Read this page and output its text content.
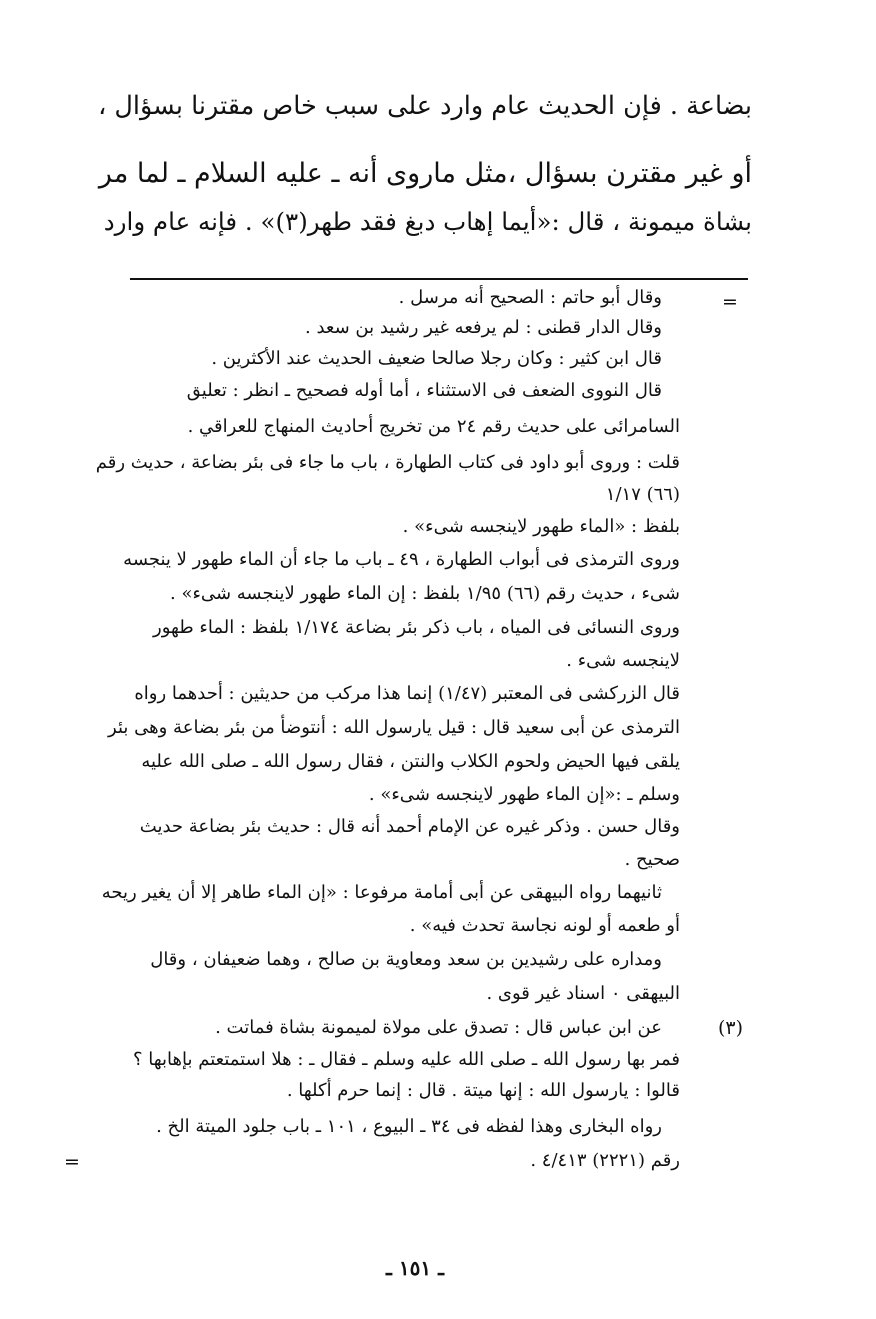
بضاعة . فإن الحديث عام وارد على سبب خاص مقترنا بسؤال ،
أو غير مقترن بسؤال ،مثل ماروى أنه ـ عليه السلام ـ لما مر
بشاة ميمونة ، قال :«أيما إهاب دبغ فقد طهر(٣)» . فإنه عام وارد
=
(٣)
=
وقال أبو حاتم : الصحيح أنه مرسل .
وقال الدار قطنى : لم يرفعه غير رشيد بن سعد .
قال ابن كثير : وكان رجلا صالحا ضعيف الحديث عند الأكثرين .
قال النووى الضعف فى الاستثناء ، أما أوله فصحيح ـ انظر : تعليق
السامرائى على حديث رقم ٢٤ من تخريج أحاديث المنهاج للعراقي .
قلت : وروى أبو داود فى كتاب الطهارة ، باب ما جاء فى بئر بضاعة ، حديث رقم
(٦٦) ١/١٧
بلفظ : «الماء طهور لاينجسه شىء» .
وروى الترمذى فى أبواب الطهارة ، ٤٩ ـ باب ما جاء أن الماء طهور لا ينجسه
شىء ، حديث رقم (٦٦) ١/٩٥ بلفظ : إن الماء طهور لاينجسه شىء» .
وروى النسائى فى المياه ، باب ذكر بئر بضاعة ١/١٧٤ بلفظ : الماء طهور
لاينجسه شىء .
قال الزركشى فى المعتبر (١/٤٧) إنما هذا مركب من حديثين : أحدهما رواه
الترمذى عن أبى سعيد قال : قيل يارسول الله : أنتوضأ من بئر بضاعة وهى بئر
يلقى فيها الحيض ولحوم الكلاب والنتن ، فقال رسول الله ـ صلى الله عليه
وسلم ـ :«إن الماء طهور لاينجسه شىء» .
وقال حسن . وذكر غيره عن الإمام أحمد أنه قال : حديث بئر بضاعة حديث
صحيح .
ثانيهما رواه البيهقى عن أبى أمامة مرفوعا : «إن الماء طاهر إلا أن يغير ريحه
أو طعمه أو لونه نجاسة تحدث فيه» .
ومداره على رشيدين بن سعد ومعاوية بن صالح ، وهما ضعيفان ، وقال
البيهقى ٠ اسناد غير قوى .
عن ابن عباس قال : تصدق على مولاة لميمونة بشاة فماتت .
فمر بها رسول الله ـ صلى الله عليه وسلم ـ فقال ـ : هلا استمتعتم بإهابها ؟
قالوا : يارسول الله : إنها ميتة . قال : إنما حرم أكلها .
رواه البخارى وهذا لفظه فى ٣٤ ـ البيوع ، ١٠١ ـ باب جلود الميتة الخ .
رقم (٢٢٢١) ٤/٤١٣ .
ـ ١٥١ ـ
